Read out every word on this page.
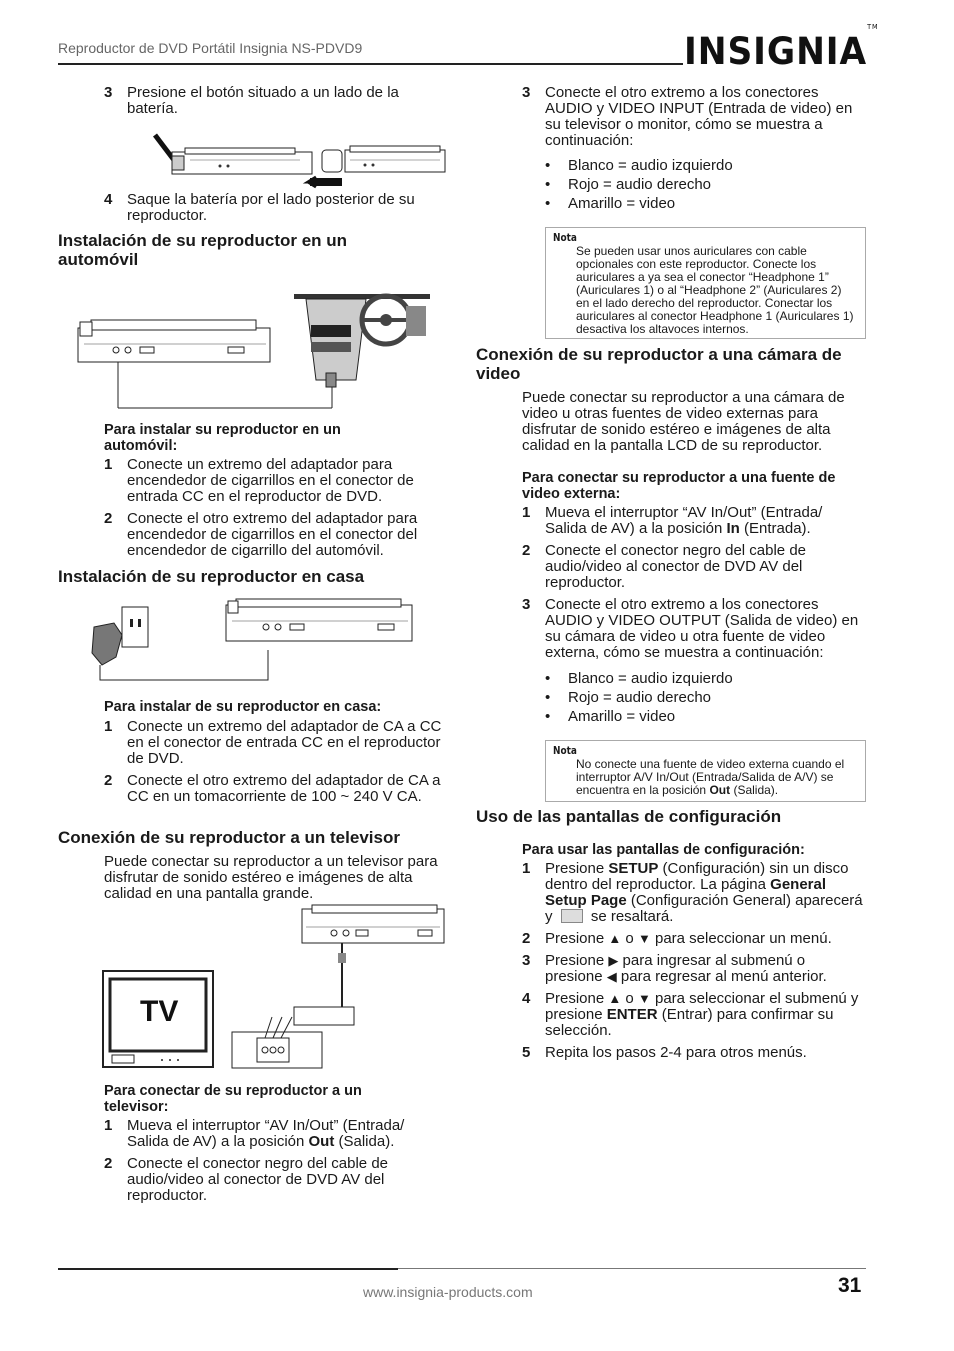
Reproductor de DVD Portátil Insignia NS-PDVD9	INSIGNIA™

3 Presione el botón situado a un lado de la batería.

4 Saque la batería por el lado posterior de su reproductor.

Instalación de su reproductor en un automóvil

Para instalar su reproductor en un automóvil:

1 Conecte un extremo del adaptador para encendedor de cigarrillos en el conector de entrada CC en el reproductor de DVD.

2 Conecte el otro extremo del adaptador para encendedor de cigarrillos en el conector del encendedor de cigarrillo del automóvil.

Instalación de su reproductor en casa

Para instalar de su reproductor en casa:

1 Conecte un extremo del adaptador de CA a CC en el conector de entrada CC en el reproductor de DVD.

2 Conecte el otro extremo del adaptador de CA a CC en un tomacorriente de 100 ~ 240 V CA.

Conexión de su reproductor a un televisor

Puede conectar su reproductor a un televisor para disfrutar de sonido estéreo e imágenes de alta calidad en una pantalla grande.

TV

Para conectar de su reproductor a un televisor:

1 Mueva el interruptor “AV In/Out” (Entrada/ Salida de AV) a la posición Out (Salida).

2 Conecte el conector negro del cable de audio/video al conector de DVD AV del reproductor.

3 Conecte el otro extremo a los conectores AUDIO y VIDEO INPUT (Entrada de video) en su televisor o monitor, cómo se muestra a continuación:

• Blanco = audio izquierdo
• Rojo = audio derecho
• Amarillo = video
Nota
Se pueden usar unos auriculares con cable opcionales con este reproductor. Conecte los auriculares a ya sea el conector “Headphone 1” (Auriculares 1) o al “Headphone 2” (Auriculares 2) en el lado derecho del reproductor. Conectar los auriculares al conector Headphone 1 (Auriculares 1) desactiva los altavoces internos.

Conexión de su reproductor a una cámara de video

Puede conectar su reproductor a una cámara de video u otras fuentes de video externas para disfrutar de sonido estéreo e imágenes de alta calidad en la pantalla LCD de su reproductor.

Para conectar su reproductor a una fuente de video externa:

1 Mueva el interruptor “AV In/Out” (Entrada/ Salida de AV) a la posición In (Entrada).

2 Conecte el conector negro del cable de audio/video al conector de DVD AV del reproductor.

3 Conecte el otro extremo a los conectores AUDIO y VIDEO OUTPUT (Salida de video) en su cámara de video u otra fuente de video externa, cómo se muestra a continuación:

• Blanco = audio izquierdo
• Rojo = audio derecho
• Amarillo = video
Nota
No conecte una fuente de video externa cuando el interruptor A/V In/Out (Entrada/Salida de A/V) se encuentra en la posición Out (Salida).

Uso de las pantallas de configuración

Para usar las pantallas de configuración:

1 Presione SETUP (Configuración) sin un disco dentro del reproductor. La página General Setup Page (Configuración General) aparecerá y  se resaltará.

2 Presione ▲ o ▼ para seleccionar un menú.

3 Presione ▶ para ingresar al submenú o presione ◀ para regresar al menú anterior.

4 Presione ▲ o ▼ para seleccionar el submenú y presione ENTER (Entrar) para confirmar su selección.

5 Repita los pasos 2-4 para otros menús.

www.insignia-products.com	31
